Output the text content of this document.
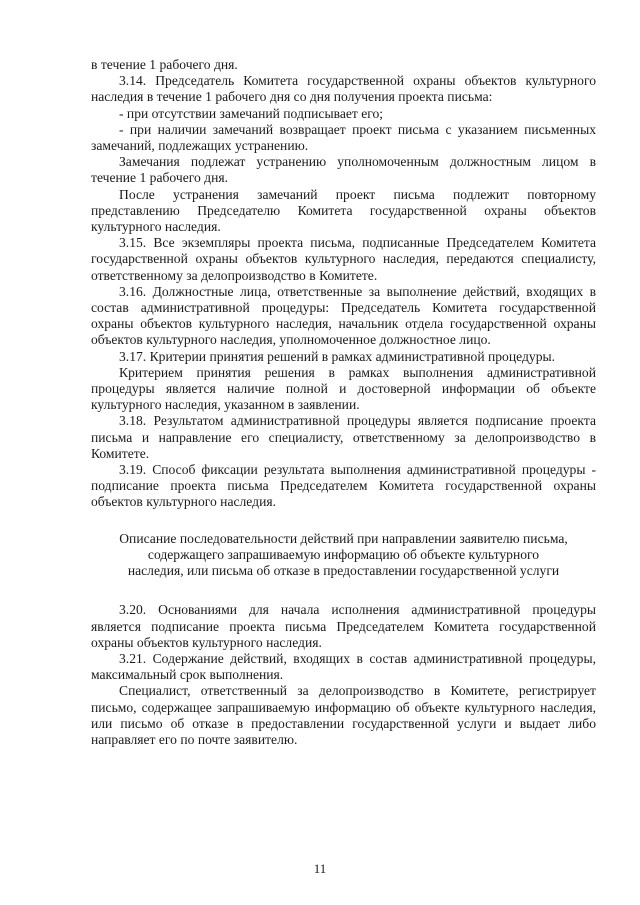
в течение 1 рабочего дня.

3.14. Председатель Комитета государственной охраны объектов культурного наследия в течение 1 рабочего дня со дня получения проекта письма:

- при отсутствии замечаний подписывает его;

- при наличии замечаний возвращает проект письма с указанием письменных замечаний, подлежащих устранению.

Замечания подлежат устранению уполномоченным должностным лицом в течение 1 рабочего дня.

После устранения замечаний проект письма подлежит повторному представлению Председателю Комитета государственной охраны объектов культурного наследия.

3.15. Все экземпляры проекта письма, подписанные Председателем Комитета государственной охраны объектов культурного наследия, передаются специалисту, ответственному за делопроизводство в Комитете.

3.16. Должностные лица, ответственные за выполнение действий, входящих в состав административной процедуры: Председатель Комитета государственной охраны объектов культурного наследия, начальник отдела государственной охраны объектов культурного наследия, уполномоченное должностное лицо.

3.17. Критерии принятия решений в рамках административной процедуры.

Критерием принятия решения в рамках выполнения административной процедуры является наличие полной и достоверной информации об объекте культурного наследия, указанном в заявлении.

3.18. Результатом административной процедуры является подписание проекта письма и направление его специалисту, ответственному за делопроизводство в Комитете.

3.19. Способ фиксации результата выполнения административной процедуры - подписание проекта письма Председателем Комитета государственной охраны объектов культурного наследия.

Описание последовательности действий при направлении заявителю письма,
содержащего запрашиваемую информацию об объекте культурного
наследия, или письма об отказе в предоставлении государственной услуги

3.20. Основаниями для начала исполнения административной процедуры является подписание проекта письма Председателем Комитета государственной охраны объектов культурного наследия.

3.21. Содержание действий, входящих в состав административной процедуры, максимальный срок выполнения.

Специалист, ответственный за делопроизводство в Комитете, регистрирует письмо, содержащее запрашиваемую информацию об объекте культурного наследия, или письмо об отказе в предоставлении государственной услуги и выдает либо направляет его по почте заявителю.

11
